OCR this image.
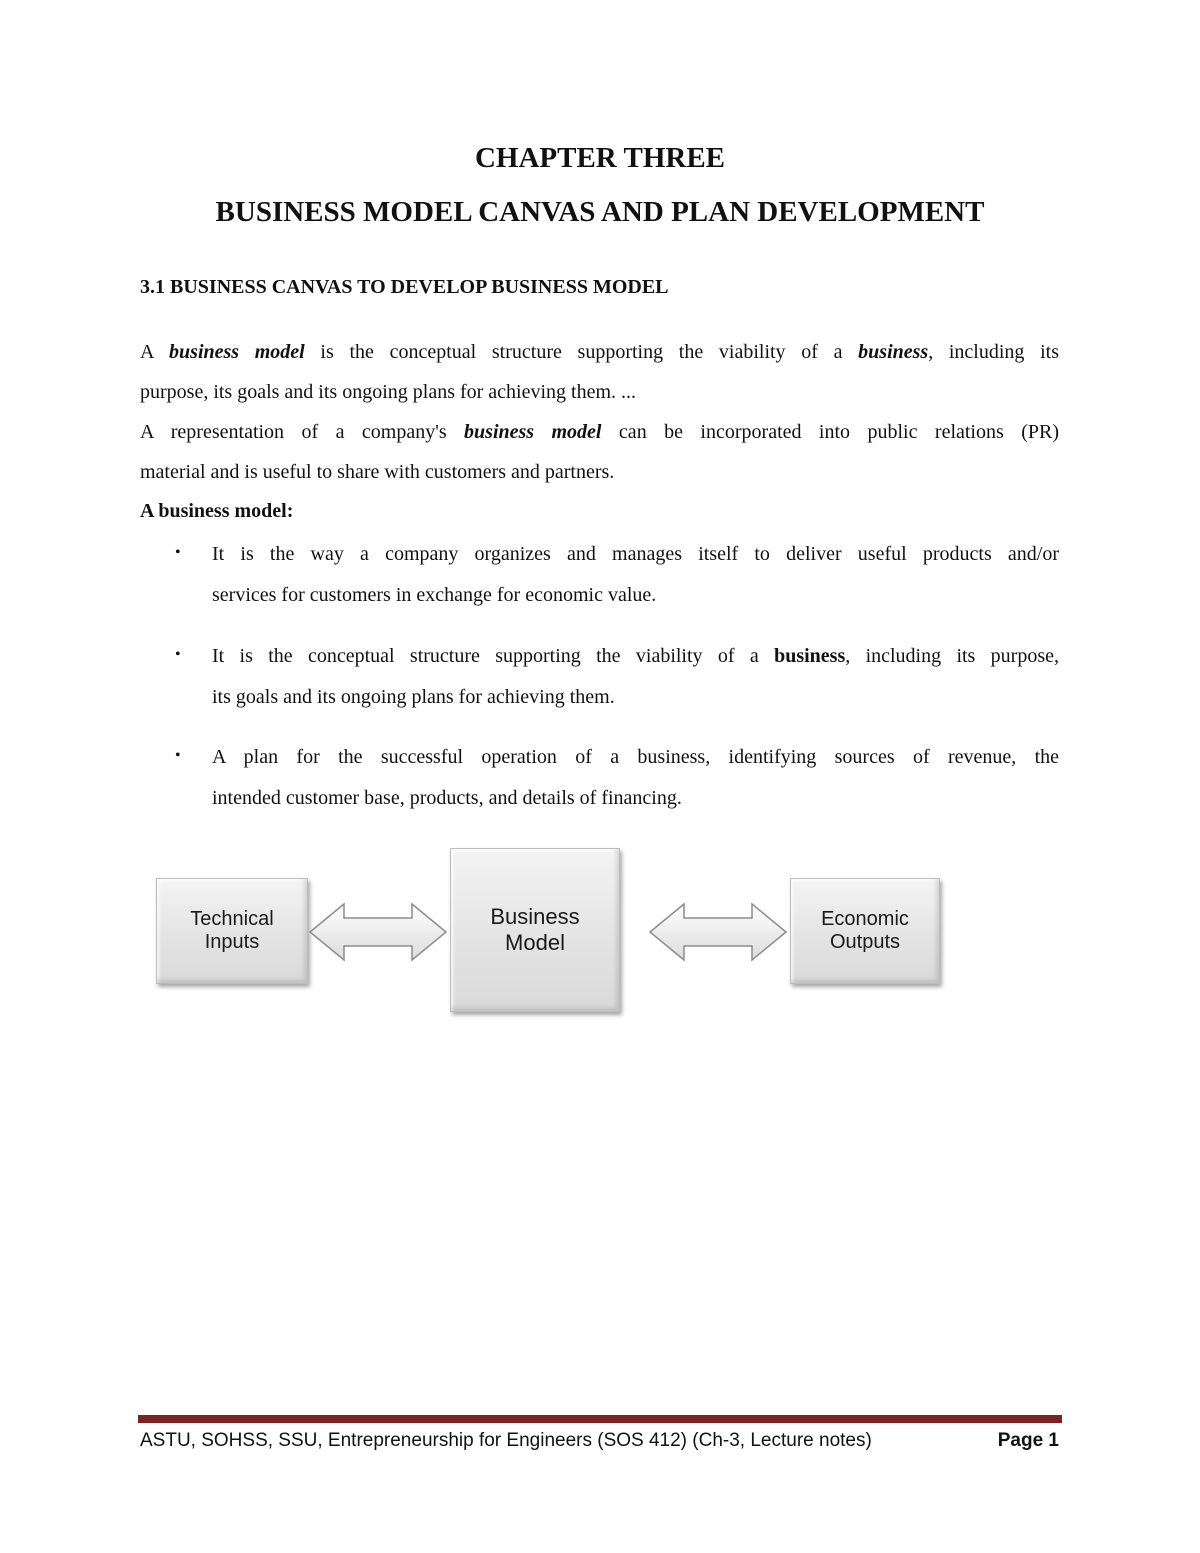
CHAPTER THREE
BUSINESS MODEL CANVAS AND PLAN DEVELOPMENT
3.1 BUSINESS CANVAS TO DEVELOP BUSINESS MODEL
A business model is the conceptual structure supporting the viability of a business, including its
purpose, its goals and its ongoing plans for achieving them. ...
A representation of a company's business model can be incorporated into public relations (PR)
material and is useful to share with customers and partners.
A business model:
• It is the way a company organizes and manages itself to deliver useful products and/or
services for customers in exchange for economic value.
• It is the conceptual structure supporting the viability of a business, including its purpose,
its goals and its ongoing plans for achieving them.
• A plan for the successful operation of a business, identifying sources of revenue, the
intended customer base, products, and details of financing.
Technical
Inputs
Business
Model
Economic
Outputs
ASTU, SOHSS, SSU, Entrepreneurship for Engineers (SOS 412) (Ch-3, Lecture notes)	Page 1
